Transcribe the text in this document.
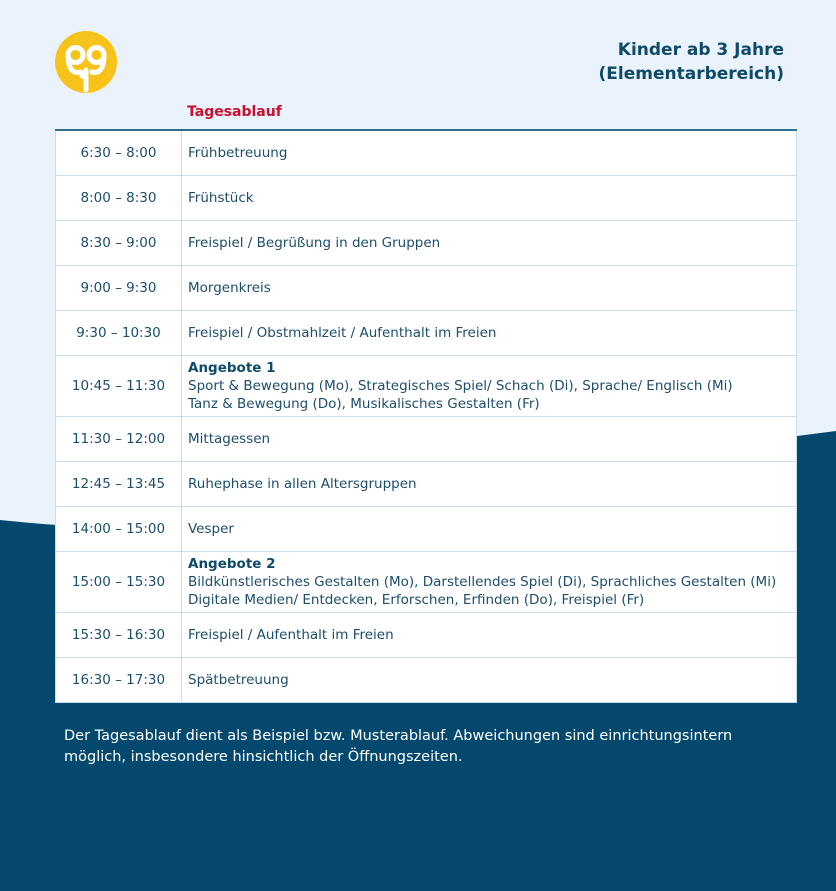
Kinder ab 3 Jahre
(Elementarbereich)
Tagesablauf
6:30 – 8:00	Frühbetreuung
8:00 – 8:30	Frühstück
8:30 – 9:00	Freispiel / Begrüßung in den Gruppen
9:00 – 9:30	Morgenkreis
9:30 – 10:30	Freispiel / Obstmahlzeit / Aufenthalt im Freien
10:45 – 11:30	Angebote 1
Sport & Bewegung (Mo), Strategisches Spiel/ Schach (Di), Sprache/ Englisch (Mi)
Tanz & Bewegung (Do), Musikalisches Gestalten (Fr)

11:30 – 12:00	Mittagessen
12:45 – 13:45	Ruhephase in allen Altersgruppen
14:00 – 15:00	Vesper
15:00 – 15:30	Angebote 2
Bildkünstlerisches Gestalten (Mo), Darstellendes Spiel (Di), Sprachliches Gestalten (Mi)
Digitale Medien/ Entdecken, Erforschen, Erfinden (Do), Freispiel (Fr)

15:30 – 16:30	Freispiel / Aufenthalt im Freien
16:30 – 17:30	Spätbetreuung
Der Tagesablauf dient als Beispiel bzw. Musterablauf. Abweichungen sind einrichtungsintern möglich, insbesondere hinsichtlich der Öffnungszeiten.
